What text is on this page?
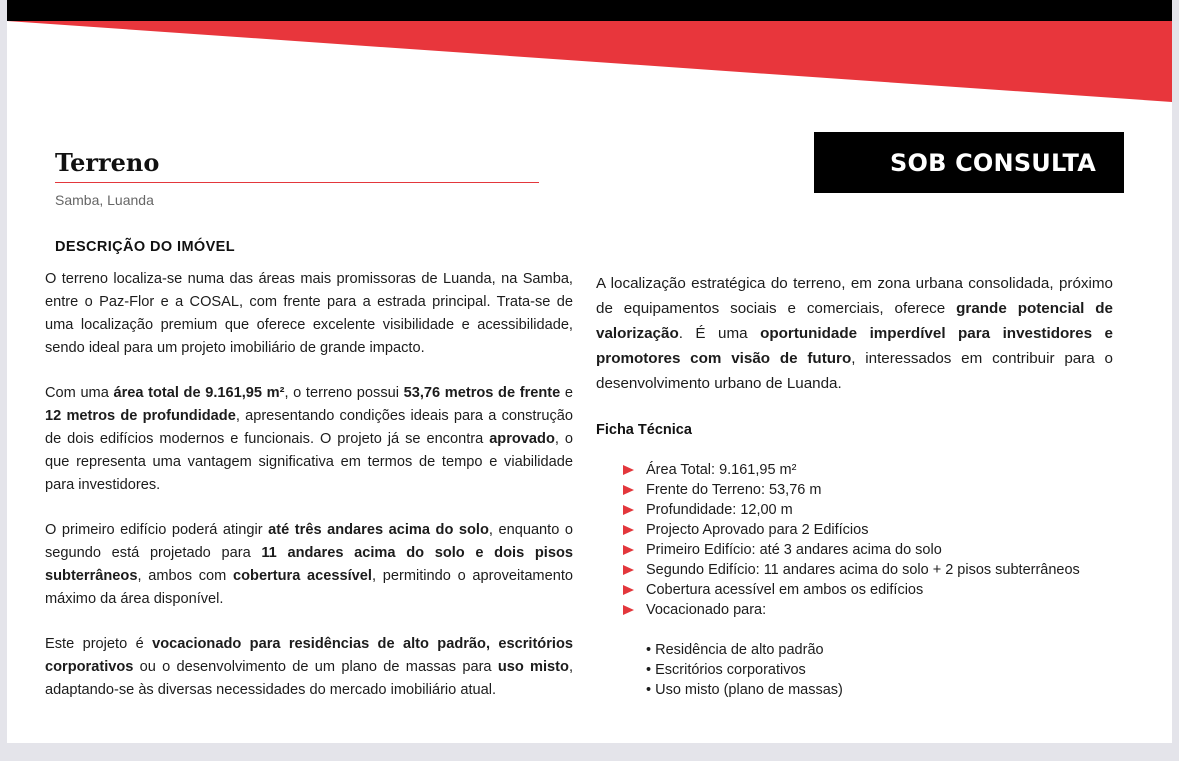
Terreno
Samba, Luanda
SOB CONSULTA
DESCRIÇÃO DO IMÓVEL

O terreno localiza-se numa das áreas mais promissoras de Luanda, na Samba, entre o Paz-Flor e a COSAL, com frente para a estrada principal. Trata-se de uma localização premium que oferece excelente visibilidade e acessibilidade, sendo ideal para um projeto imobiliário de grande impacto.

Com uma área total de 9.161,95 m², o terreno possui 53,76 metros de frente e 12 metros de profundidade, apresentando condições ideais para a construção de dois edifícios modernos e funcionais. O projeto já se encontra aprovado, o que representa uma vantagem significativa em termos de tempo e viabilidade para investidores.

O primeiro edifício poderá atingir até três andares acima do solo, enquanto o segundo está projetado para 11 andares acima do solo e dois pisos subterrâneos, ambos com cobertura acessível, permitindo o aproveitamento máximo da área disponível.

Este projeto é vocacionado para residências de alto padrão, escritórios corporativos ou o desenvolvimento de um plano de massas para uso misto, adaptando-se às diversas necessidades do mercado imobiliário atual.

A localização estratégica do terreno, em zona urbana consolidada, próximo de equipamentos sociais e comerciais, oferece grande potencial de valorização. É uma oportunidade imperdível para investidores e promotores com visão de futuro, interessados em contribuir para o desenvolvimento urbano de Luanda.

Ficha Técnica
Área Total: 9.161,95 m²
Frente do Terreno: 53,76 m
Profundidade: 12,00 m
Projecto Aprovado para 2 Edifícios
Primeiro Edifício: até 3 andares acima do solo
Segundo Edifício: 11 andares acima do solo + 2 pisos subterrâneos
Cobertura acessível em ambos os edifícios
Vocacionado para:
• Residência de alto padrão
• Escritórios corporativos
• Uso misto (plano de massas)
